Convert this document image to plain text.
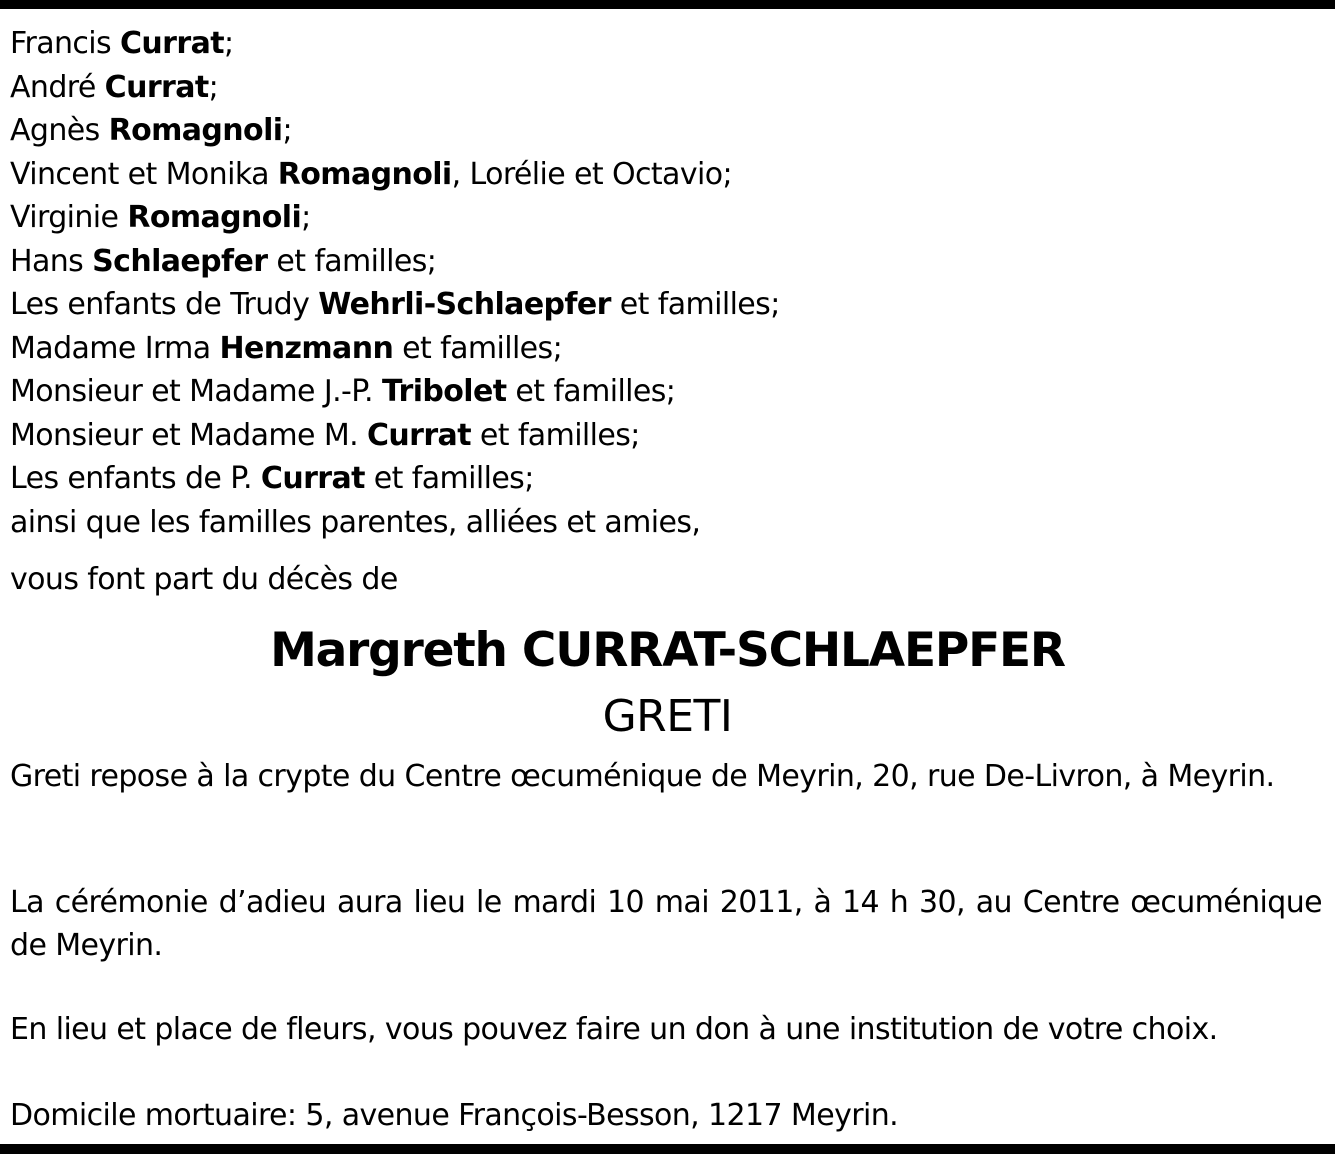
Francis Currat;
André Currat;
Agnès Romagnoli;
Vincent et Monika Romagnoli, Lorélie et Octavio;
Virginie Romagnoli;
Hans Schlaepfer et familles;
Les enfants de Trudy Wehrli-Schlaepfer et familles;
Madame Irma Henzmann et familles;
Monsieur et Madame J.-P. Tribolet et familles;
Monsieur et Madame M. Currat et familles;
Les enfants de P. Currat et familles;
ainsi que les familles parentes, alliées et amies,
vous font part du décès de
Margreth CURRAT-SCHLAEPFER
GRETI
Greti repose à la crypte du Centre œcuménique de Meyrin, 20, rue De-Livron, à Meyrin.
La cérémonie d’adieu aura lieu le mardi 10 mai 2011, à 14 h 30, au Centre œcuménique de Meyrin.
En lieu et place de fleurs, vous pouvez faire un don à une institution de votre choix.
Domicile mortuaire: 5, avenue François-Besson, 1217 Meyrin.
